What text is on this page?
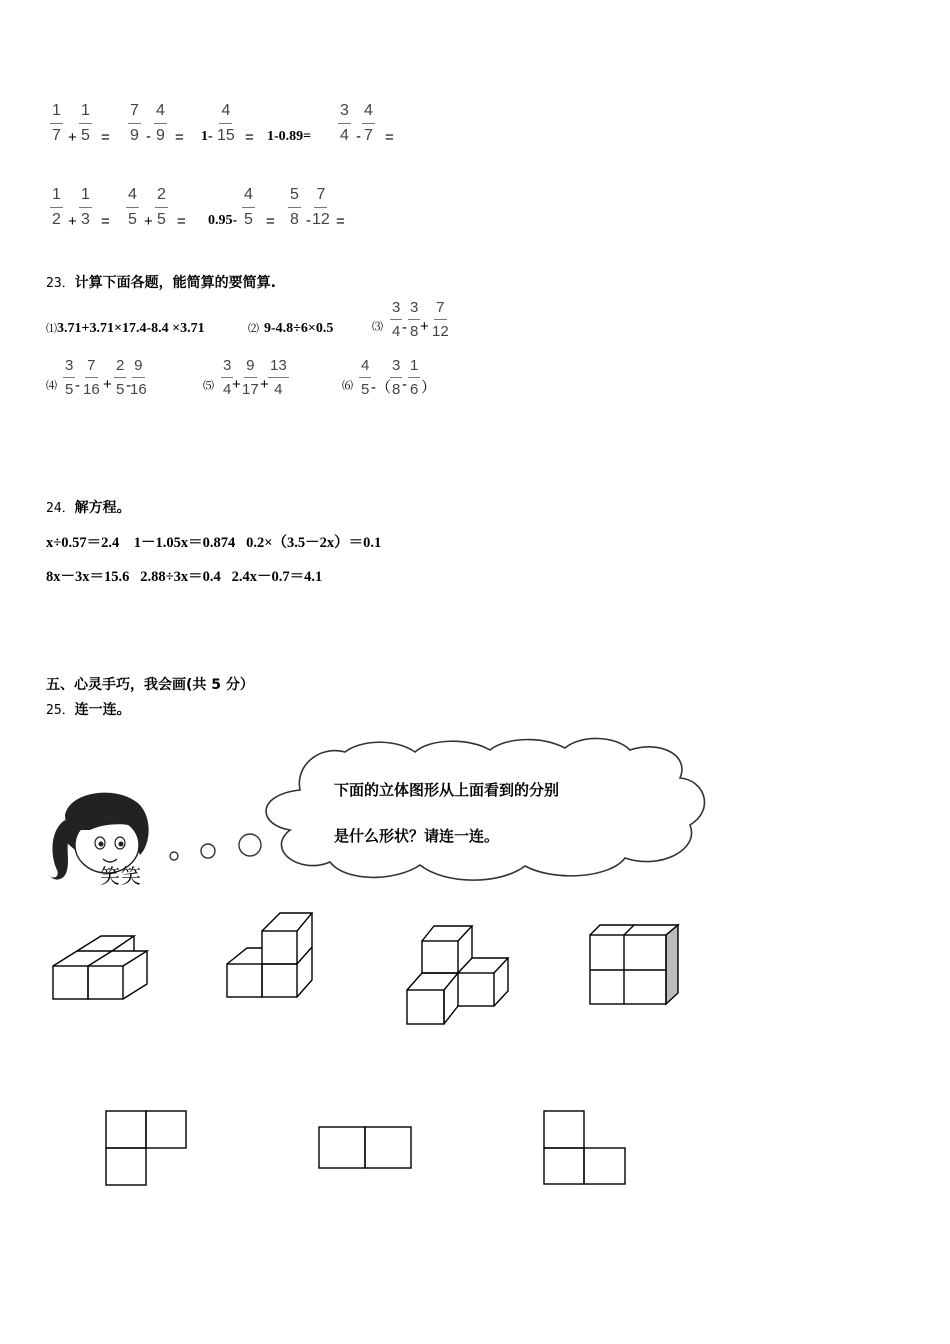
$\frac{1}{7} + \frac{1}{5} = \frac{7}{9} - \frac{4}{9} = 1- \frac{4}{15} = 1-0.89= \frac{3}{4} - \frac{4}{7}$ =
$\frac{1}{2} + \frac{1}{3} = \frac{4}{5} + \frac{2}{5} = 0.95- \frac{4}{5} = \frac{5}{8} - \frac{7}{12}$ =
23．计算下面各题，能简算的要简算.
⑴3.71+3.71×17.4-8.4 ×3.71	⑵ 9-4.8÷6×0.5	⑶ $\frac{3}{4} - \frac{3}{8} + \frac{7}{12}$
⑷ $\frac{3}{5} - \frac{7}{16} + \frac{2}{5} - \frac{9}{16}$	⑸ $\frac{3}{4}$
+ $\frac{9}{17} + \frac{13}{4}$	⑹ $\frac{4}{5}$ -（ $\frac{3}{8} - \frac{1}{6}$ ）
24．解方程。
x÷0.57＝2.4    1－1.05x＝0.874   0.2×（3.5－2x）＝0.1
8x－3x＝15.6   2.88÷3x＝0.4   2.4x－0.7＝4.1
五、心灵手巧，我会画(共 5 分）
25．连一连。
下面的立体图形从上面看到的分别
是什么形状？请连一连。
笑笑
